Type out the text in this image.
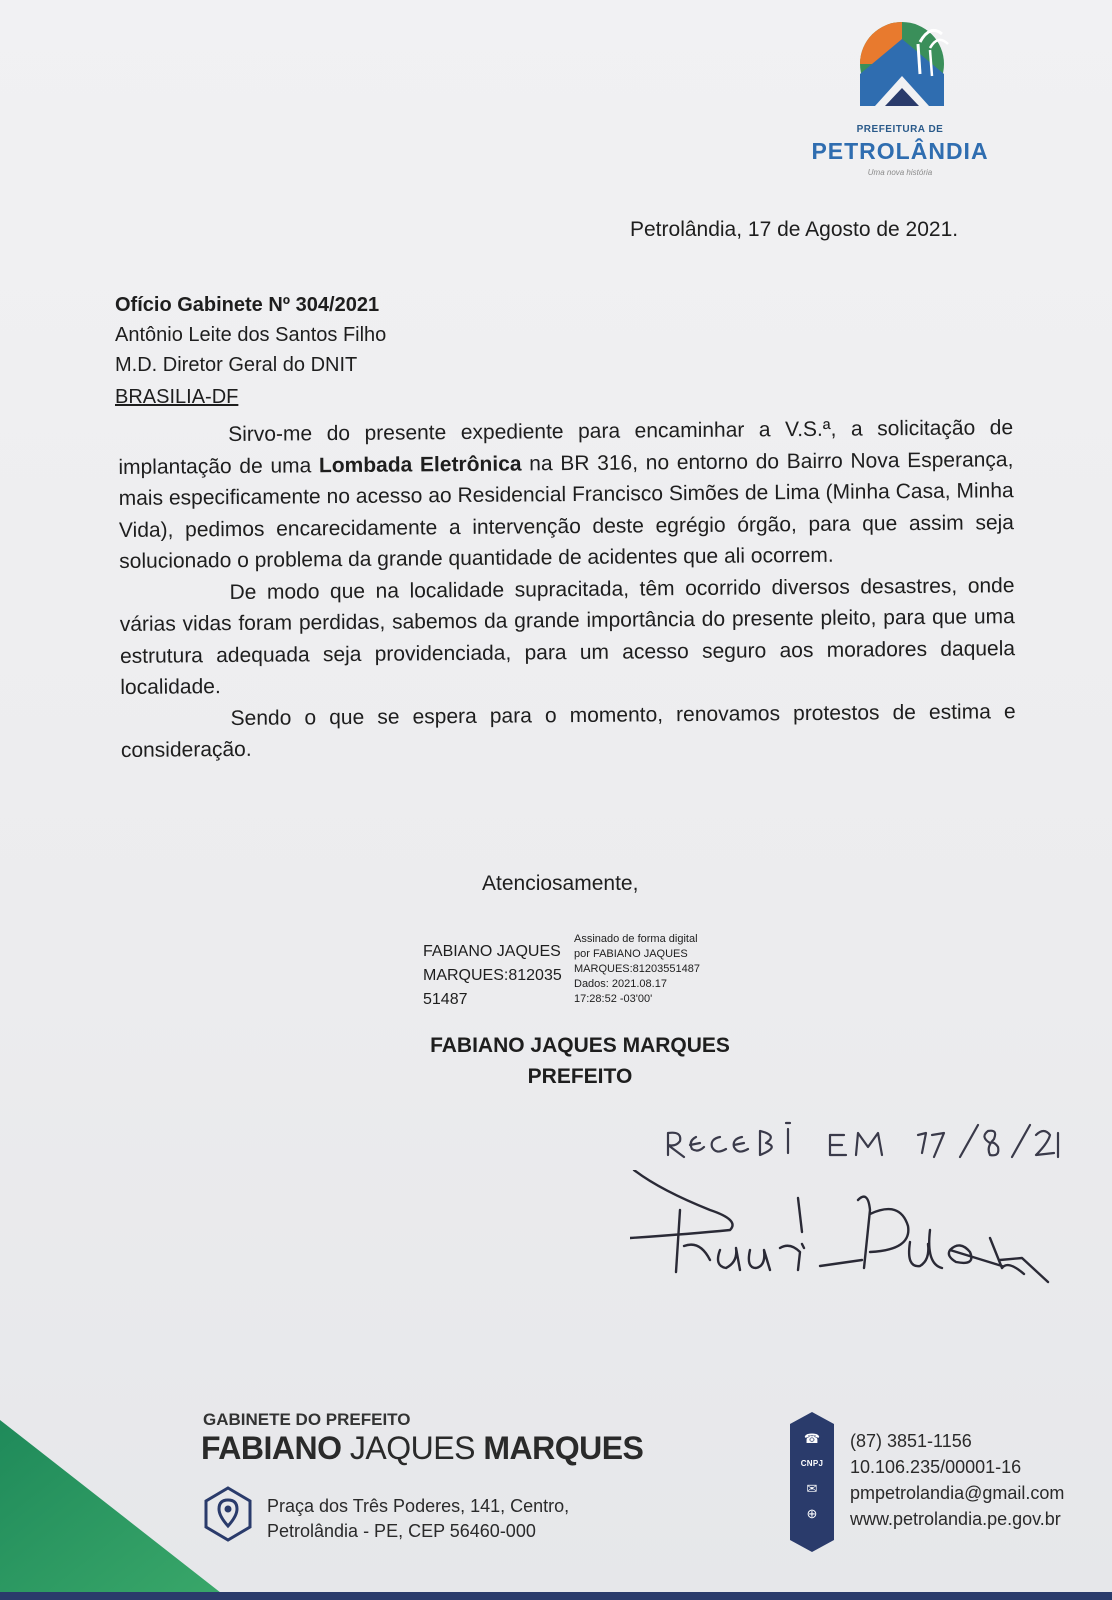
PREFEITURA DE
PETROLÂNDIA
Uma nova história
Petrolândia, 17 de Agosto de 2021.
Ofício Gabinete Nº 304/2021
Antônio Leite dos Santos Filho
M.D. Diretor Geral do DNIT
BRASILIA-DF

Sirvo-me do presente expediente para encaminhar a V.S.ª, a solicitação de implantação de uma Lombada Eletrônica na BR 316, no entorno do Bairro Nova Esperança, mais especificamente no acesso ao Residencial Francisco Simões de Lima (Minha Casa, Minha Vida), pedimos encarecidamente a intervenção deste egrégio órgão, para que assim seja solucionado o problema da grande quantidade de acidentes que ali ocorrem.

De modo que na localidade supracitada, têm ocorrido diversos desastres, onde várias vidas foram perdidas, sabemos da grande importância do presente pleito, para que uma estrutura adequada seja providenciada, para um acesso seguro aos moradores daquela localidade.

Sendo o que se espera para o momento, renovamos protestos de estima e consideração.

Atenciosamente,
FABIANO JAQUES
MARQUES:812035
51487
Assinado de forma digital
por FABIANO JAQUES
MARQUES:81203551487
Dados: 2021.08.17
17:28:52 -03'00'
FABIANO JAQUES MARQUES
PREFEITO
GABINETE DO PREFEITO
FABIANO JAQUES MARQUES
Praça dos Três Poderes, 141, Centro,
Petrolândia - PE, CEP 56460-000
☎
CNPJ
✉
⊕
(87) 3851-1156
10.106.235/00001-16
pmpetrolandia@gmail.com
www.petrolandia.pe.gov.br
